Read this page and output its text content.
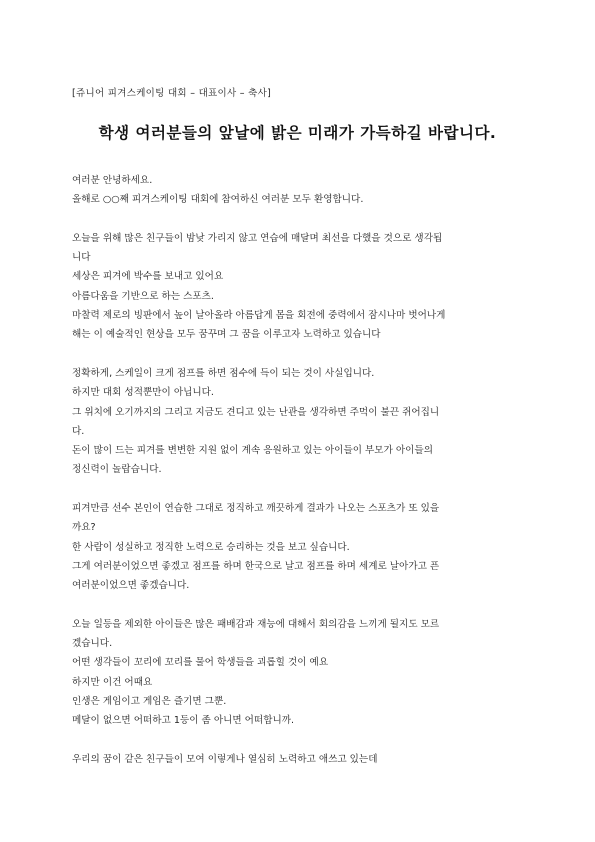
[쥬니어 피겨스케이팅 대회 – 대표이사 – 축사]
학생 여러분들의 앞날에 밝은 미래가 가득하길 바랍니다.
여러분 안녕하세요.
올해로 ○○째 피겨스케이팅 대회에 참여하신 여러분 모두 환영합니다.
오늘을 위해 많은 친구들이 밤낮 가리지 않고 연습에 매달며 최선을 다했을 것으로 생각됩
니다
세상은 피겨에 박수를 보내고 있어요
아름다움을 기반으로 하는 스포츠.
마찰력 제로의 빙판에서 높이 날아올라 아름답게 몸을 회전에 중력에서 잠시나마 벗어나게
해는 이 예술적인 현상을 모두 꿈꾸며 그 꿈을 이루고자 노력하고 있습니다
정확하게, 스케일이 크게 점프를 하면 점수에 득이 되는 것이 사실입니다.
하지만 대회 성적뿐만이 아닙니다.
그 위치에 오기까지의 그리고 지금도 견디고 있는 난관을 생각하면 주먹이 불끈 쥐어집니
다.
돈이 많이 드는 피겨를 변변한 지원 없이 계속 응원하고 있는 아이들이 부모가 아이들의
정신력이 놀랍습니다.
피겨만큼 선수 본인이 연습한 그대로 정직하고 깨끗하게 결과가 나오는 스포츠가 또 있을
까요?
한 사람이 성실하고 정직한 노력으로 승리하는 것을 보고 싶습니다.
그게 여러분이었으면 좋겠고 점프를 하며 한국으로 날고 점프를 하며 세계로 날아가고 픈
여러분이었으면 좋겠습니다.
오늘 일등을 제외한 아이들은 많은 패배감과 재능에 대해서 회의감을 느끼게 될지도 모르
겠습니다.
어떤 생각들이 꼬리에 꼬리를 물어 학생들을 괴롭힐 것이 예요
하지만 이건 어때요
인생은 게임이고 게임은 즐기면 그뿐.
메달이 없으면 어떠하고 1등이 좀 아니면 어떠합니까.
우리의 꿈이 같은 친구들이 모여 이렇게나 열심히 노력하고 애쓰고 있는데
